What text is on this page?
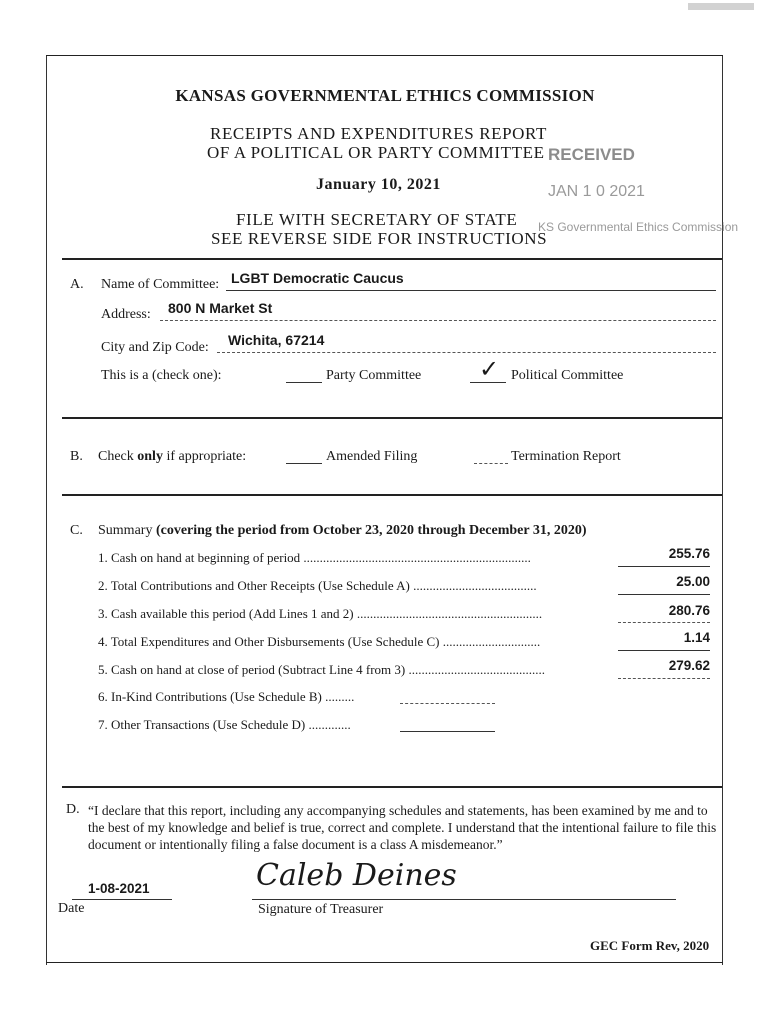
KANSAS GOVERNMENTAL ETHICS COMMISSION
RECEIPTS AND EXPENDITURES REPORT
OF A POLITICAL OR PARTY COMMITTEE
January 10, 2021
FILE WITH SECRETARY OF STATE
SEE REVERSE SIDE FOR INSTRUCTIONS
RECEIVED
JAN 1 0 2021
KS Governmental Ethics Commission
A. Name of Committee: LGBT Democratic Caucus
Address: 800 N Market St
City and Zip Code: Wichita, 67214
This is a (check one):	Party Committee ✓ Political Committee
B. Check only if appropriate:	Amended Filing	Termination Report
C. Summary (covering the period from October 23, 2020 through December 31, 2020)
1. Cash on hand at beginning of period ......................................................................	255.76
2. Total Contributions and Other Receipts (Use Schedule A) ......................................	25.00
3. Cash available this period (Add Lines 1 and 2) .........................................................	280.76
4. Total Expenditures and Other Disbursements (Use Schedule C) ..............................	1.14
5. Cash on hand at close of period (Subtract Line 4 from 3) ..........................................	279.62
6. In-Kind Contributions (Use Schedule B) .........
7. Other Transactions (Use Schedule D) .............
D. “I declare that this report, including any accompanying schedules and statements, has been examined by me and to the best of my knowledge and belief is true, correct and complete. I understand that the intentional failure to file this document or intentionally filing a false document is a class A misdemeanor.”
1-08-2021
Date
Caleb Deines
Signature of Treasurer
GEC Form Rev, 2020
